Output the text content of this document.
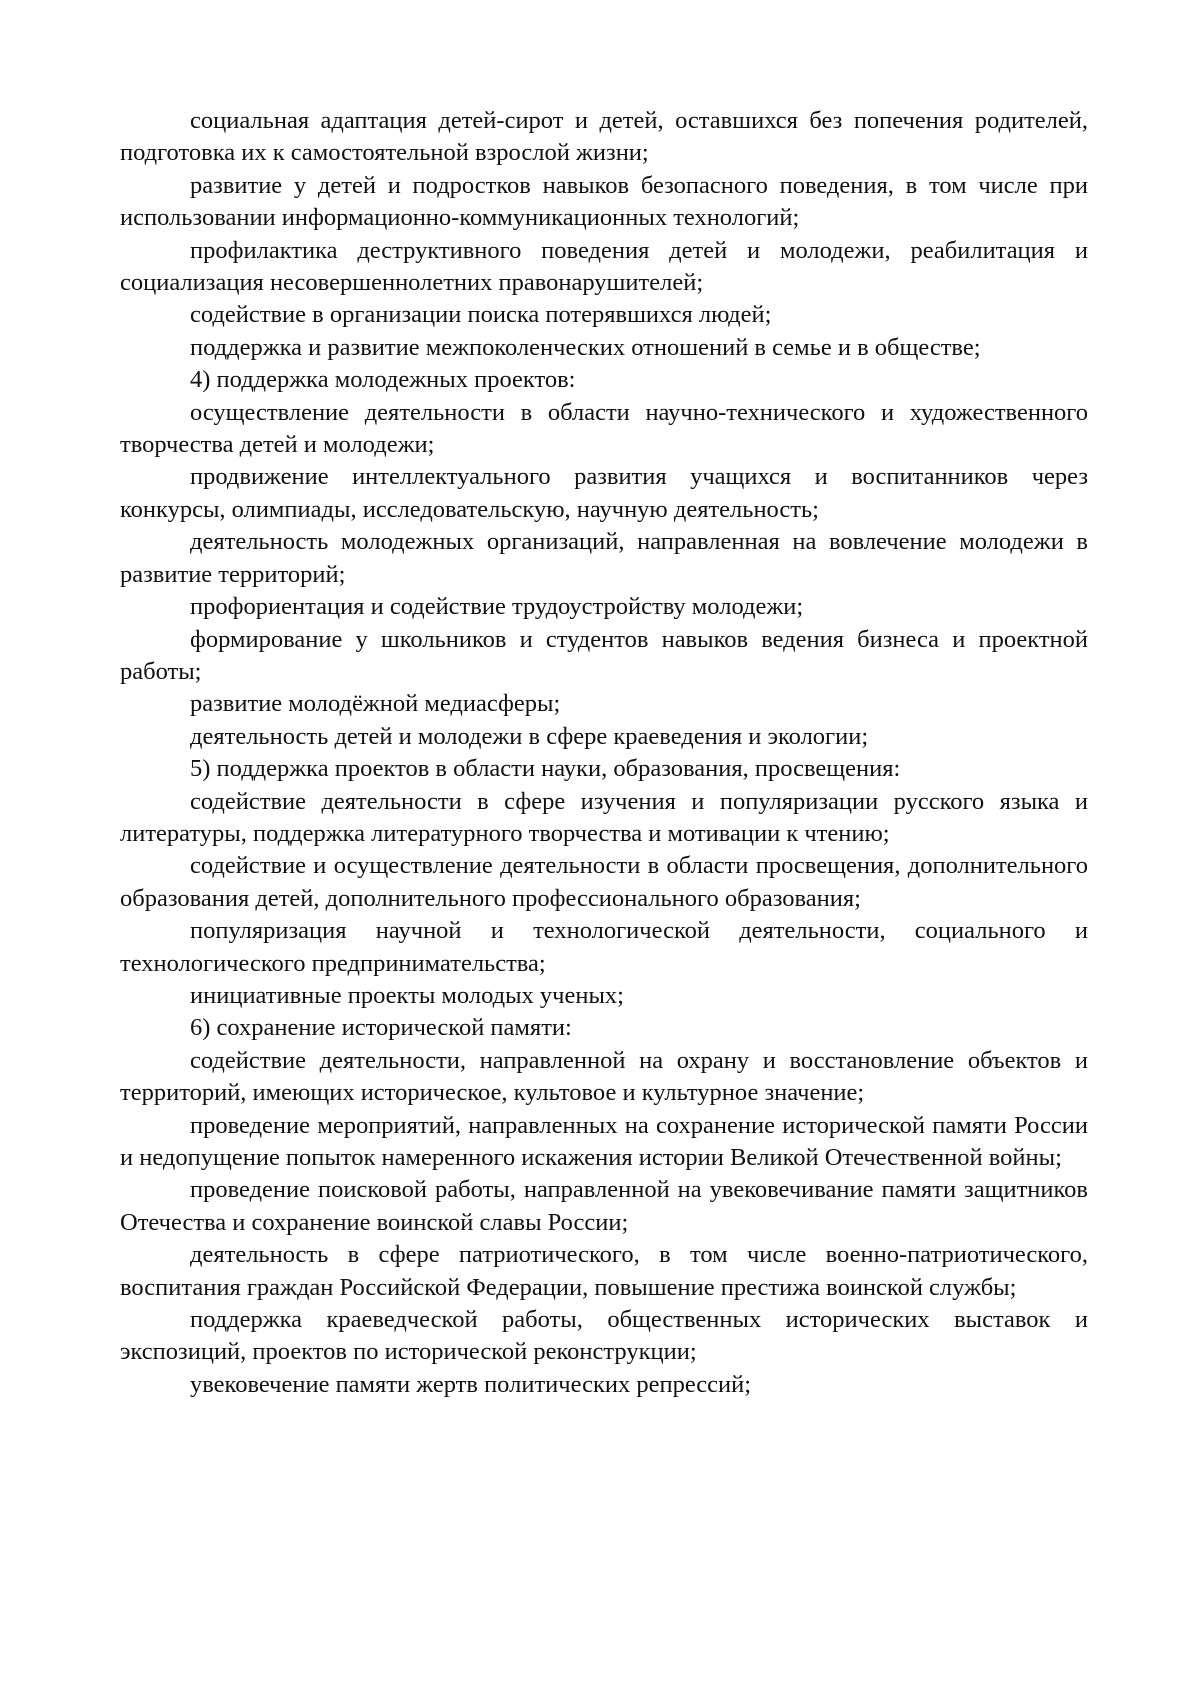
социальная адаптация детей-сирот и детей, оставшихся без попечения родителей, подготовка их к самостоятельной взрослой жизни;

развитие у детей и подростков навыков безопасного поведения, в том числе при использовании информационно-коммуникационных технологий;

профилактика деструктивного поведения детей и молодежи, реабилитация и социализация несовершеннолетних правонарушителей;

содействие в организации поиска потерявшихся людей;

поддержка и развитие межпоколенческих отношений в семье и в обществе;

4) поддержка молодежных проектов:

осуществление деятельности в области научно-технического и художественного творчества детей и молодежи;

продвижение интеллектуального развития учащихся и воспитанников через конкурсы, олимпиады, исследовательскую, научную деятельность;

деятельность молодежных организаций, направленная на вовлечение молодежи в развитие территорий;

профориентация и содействие трудоустройству молодежи;

формирование у школьников и студентов навыков ведения бизнеса и проектной работы;

развитие молодёжной медиасферы;

деятельность детей и молодежи в сфере краеведения и экологии;

5) поддержка проектов в области науки, образования, просвещения:

содействие деятельности в сфере изучения и популяризации русского языка и литературы, поддержка литературного творчества и мотивации к чтению;

содействие и осуществление деятельности в области просвещения, дополнительного образования детей, дополнительного профессионального образования;

популяризация научной и технологической деятельности, социального и технологического предпринимательства;

инициативные проекты молодых ученых;

6) сохранение исторической памяти:

содействие деятельности, направленной на охрану и восстановление объектов и территорий, имеющих историческое, культовое и культурное значение;

проведение мероприятий, направленных на сохранение исторической памяти России и недопущение попыток намеренного искажения истории Великой Отечественной войны;

проведение поисковой работы, направленной на увековечивание памяти защитников Отечества и сохранение воинской славы России;

деятельность в сфере патриотического, в том числе военно-патриотического, воспитания граждан Российской Федерации, повышение престижа воинской службы;

поддержка краеведческой работы, общественных исторических выставок и экспозиций, проектов по исторической реконструкции;

увековечение памяти жертв политических репрессий;
